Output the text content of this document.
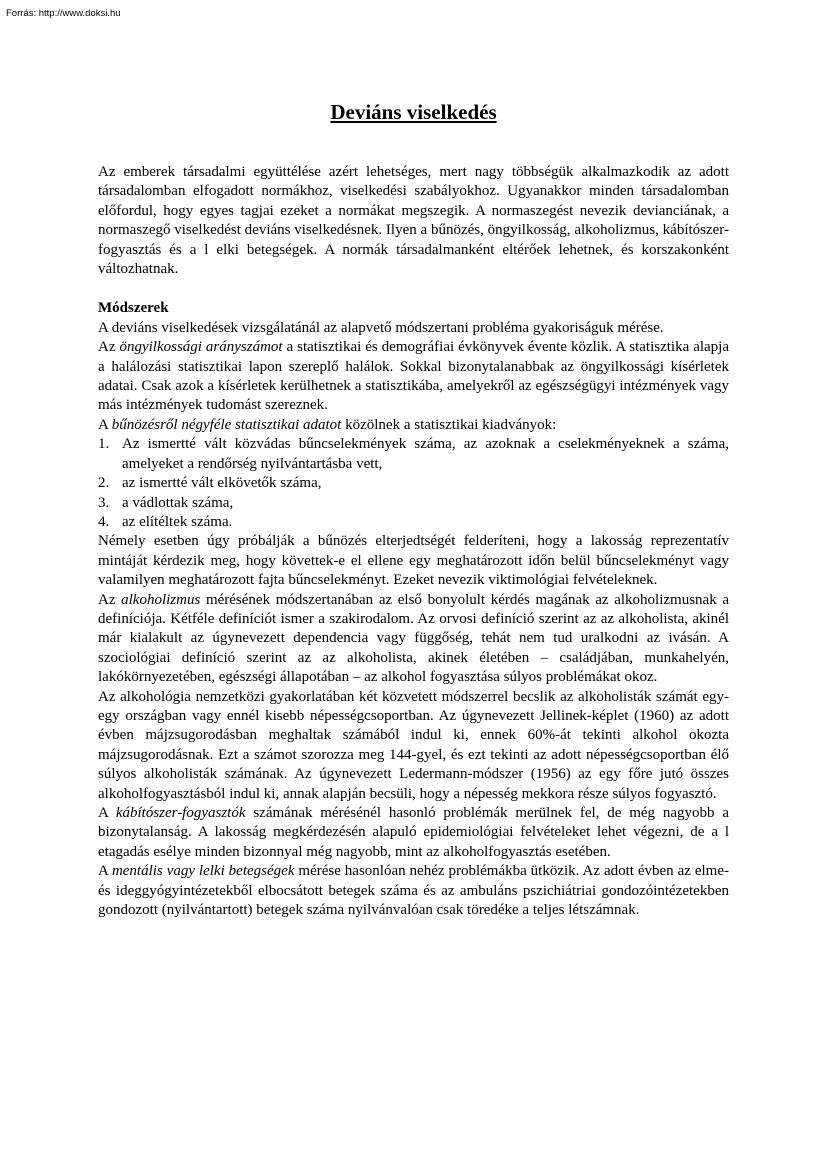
Forrás: http://www.doksi.hu
Deviáns viselkedés

Az emberek társadalmi együttélése azért lehetséges, mert nagy többségük alkalmazkodik az adott társadalomban elfogadott normákhoz, viselkedési szabályokhoz. Ugyanakkor minden társadalomban előfordul, hogy egyes tagjai ezeket a normákat megszegik. A normaszegést nevezik devianciának, a normaszegő viselkedést deviáns viselkedésnek. Ilyen a bűnözés, öngyilkosság, alkoholizmus, kábítószer-fogyasztás és a l elki betegségek. A normák társadalmanként eltérőek lehetnek, és korszakonként változhatnak.

Módszerek

A deviáns viselkedések vizsgálatánál az alapvető módszertani probléma gyakoriságuk mérése.

Az öngyilkossági arányszámot a statisztikai és demográfiai évkönyvek évente közlik. A statisztika alapja a halálozási statisztikai lapon szereplő halálok. Sokkal bizonytalanabbak az öngyilkossági kísérletek adatai. Csak azok a kísérletek kerülhetnek a statisztikába, amelyekről az egészségügyi intézmények vagy más intézmények tudomást szereznek.

A bűnözésről négyféle statisztikai adatot közölnek a statisztikai kiadványok:

1. Az ismertté vált közvádas bűncselekmények száma, az azoknak a cselekményeknek a száma, amelyeket a rendőrség nyilvántartásba vett,
2. az ismertté vált elkövetők száma,
3. a vádlottak száma,
4. az elítéltek száma.

Némely esetben úgy próbálják a bűnözés elterjedtségét felderíteni, hogy a lakosság reprezentatív mintáját kérdezik meg, hogy követtek-e el ellene egy meghatározott időn belül bűncselekményt vagy valamilyen meghatározott fajta bűncselekményt. Ezeket nevezik viktimológiai felvételeknek.

Az alkoholizmus mérésének módszertanában az első bonyolult kérdés magának az alkoholizmusnak a definíciója. Kétféle definíciót ismer a szakirodalom. Az orvosi definíció szerint az az alkoholista, akinél már kialakult az úgynevezett dependencia vagy függőség, tehát nem tud uralkodni az ivásán. A szociológiai definíció szerint az az alkoholista, akinek életében – családjában, munkahelyén, lakókörnyezetében, egészségi állapotában – az alkohol fogyasztása súlyos problémákat okoz.

Az alkohológia nemzetközi gyakorlatában két közvetett módszerrel becslik az alkoholisták számát egy-egy országban vagy ennél kisebb népességcsoportban. Az úgynevezett Jellinek-képlet (1960) az adott évben májzsugorodásban meghaltak számából indul ki, ennek 60%-át tekinti alkohol okozta májzsugorodásnak. Ezt a számot szorozza meg 144-gyel, és ezt tekinti az adott népességcsoportban élő súlyos alkoholisták számának. Az úgynevezett Ledermann-módszer (1956) az egy főre jutó összes alkoholfogyasztásból indul ki, annak alapján becsüli, hogy a népesség mekkora része súlyos fogyasztó.

A kábítószer-fogyasztók számának mérésénél hasonló problémák merülnek fel, de még nagyobb a bizonytalanság. A lakosság megkérdezésén alapuló epidemiológiai felvételeket lehet végezni, de a l etagadás esélye minden bizonnyal még nagyobb, mint az alkoholfogyasztás esetében.

A mentális vagy lelki betegségek mérése hasonlóan nehéz problémákba ütközik. Az adott évben az elme- és ideggyógyintézetekből elbocsátott betegek száma és az ambuláns pszichiátriai gondozóintézetekben gondozott (nyilvántartott) betegek száma nyilvánvalóan csak töredéke a teljes létszámnak.
